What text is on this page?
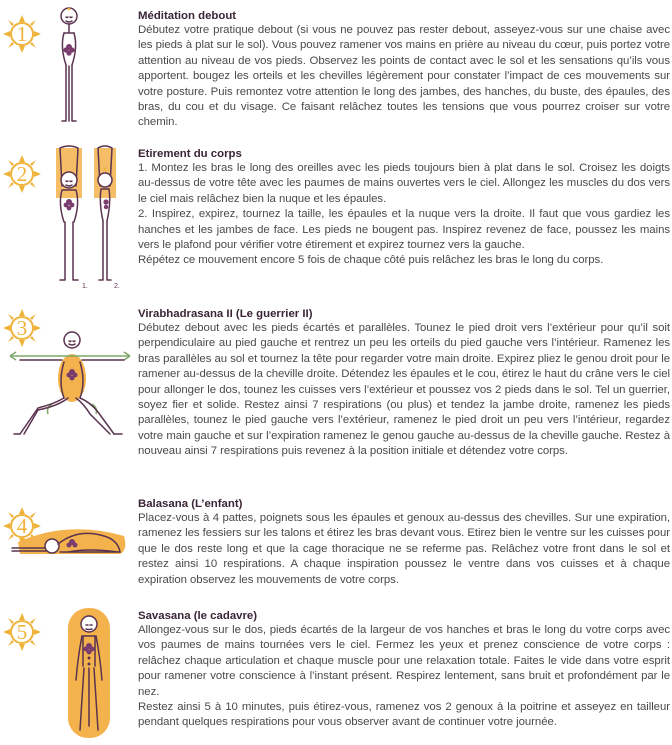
1

Méditation debout

Débutez votre pratique debout (si vous ne pouvez pas rester debout, asseyez-vous sur une chaise avec les pieds à plat sur le sol). Vous pouvez ramener vos mains en prière au niveau du cœur, puis portez votre attention au niveau de vos pieds. Observez les points de contact avec le sol et les sensations qu’ils vous apportent. bougez les orteils et les chevilles légèrement pour constater l’impact de ces mouvements sur votre posture. Puis remontez votre attention le long des jambes, des hanches, du buste, des épaules, des bras, du cou et du visage. Ce faisant relâchez toutes les tensions que vous pourrez croiser sur votre chemin.

2
1.	2.

Etirement du corps

1. Montez les bras le long des oreilles avec les pieds toujours bien à plat dans le sol. Croisez les doigts au-dessus de votre tête avec les paumes de mains ouvertes vers le ciel. Allongez les muscles du dos vers le ciel mais relâchez bien la nuque et les épaules.

2. Inspirez, expirez, tournez la taille, les épaules et la nuque vers la droite. Il faut que vous gardiez les hanches et les jambes de face. Les pieds ne bougent pas. Inspirez revenez de face, poussez les mains vers le plafond pour vérifier votre étirement et expirez tournez vers la gauche.

Répétez ce mouvement encore 5 fois de chaque côté puis relâchez les bras le long du corps.

3

Virabhadrasana II (Le guerrier II)

Débutez debout avec les pieds écartés et parallèles. Tounez le pied droit vers l’extérieur pour qu’il soit perpendiculaire au pied gauche et rentrez un peu les orteils du pied gauche vers l’intérieur. Ramenez les bras parallèles au sol et tournez la tête pour regarder votre main droite. Expirez pliez le genou droit pour le ramener au-dessus de la cheville droite. Détendez les épaules et le cou, étirez le haut du crâne vers le ciel pour allonger le dos, tounez les cuisses vers l’extérieur et poussez vos 2 pieds dans le sol. Tel un guerrier, soyez fier et solide. Restez ainsi 7 respirations (ou plus) et tendez la jambe droite, ramenez les pieds parallèles, tounez le pied gauche vers l’extérieur, ramenez le pied droit un peu vers l’intérieur, regardez votre main gauche et sur l’expiration ramenez le genou gauche au-dessus de la cheville gauche. Restez à nouveau ainsi 7 respirations puis revenez à la position initiale et détendez votre corps.

4

Balasana (L’enfant)

Placez-vous à 4 pattes, poignets sous les épaules et genoux au-dessus des chevilles. Sur une expiration, ramenez les fessiers sur les talons et étirez les bras devant vous. Etirez bien le ventre sur les cuisses pour que le dos reste long et que la cage thoracique ne se referme pas. Relâchez votre front dans le sol et restez ainsi 10 respirations. A chaque inspiration poussez le ventre dans vos cuisses et à chaque expiration observez les mouvements de votre corps.

5

Savasana (le cadavre)

Allongez-vous sur le dos, pieds écartés de la largeur de vos hanches et bras le long du votre corps avec vos paumes de mains tournées vers le ciel. Fermez les yeux et prenez conscience de votre corps : relâchez chaque articulation et chaque muscle pour une relaxation totale. Faites le vide dans votre esprit pour ramener votre conscience à l’instant présent. Respirez lentement, sans bruit et profondément par le nez.

Restez ainsi 5 à 10 minutes, puis étirez-vous, ramenez vos 2 genoux à la poitrine et asseyez en tailleur pendant quelques respirations pour vous observer avant de continuer votre journée.
